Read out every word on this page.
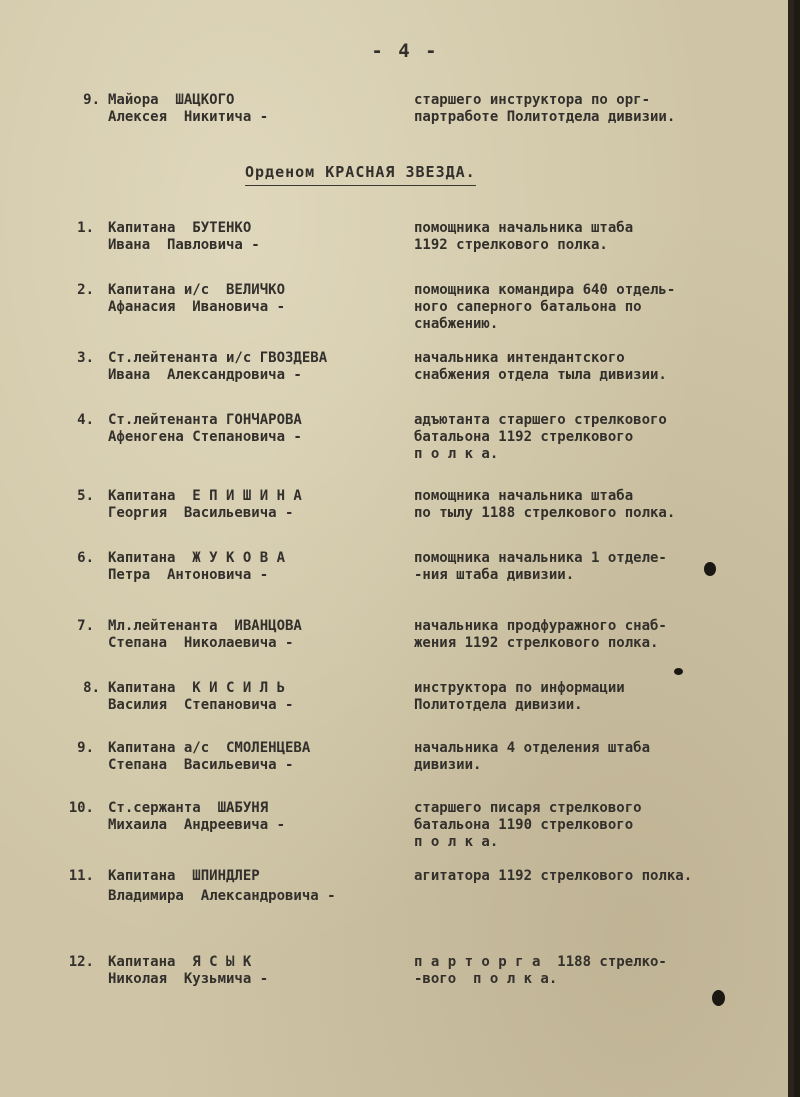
- 4 -
9. Майора  ШАЦКОГО
Алексея  Никитича -
старшего инструктора по орг-
партработе Политотдела дивизии.
Орденом КРАСНАЯ ЗВЕЗДА.
1. Капитана  БУТЕНКО
Ивана  Павловича -
помощника начальника штаба
1192 стрелкового полка.
2. Капитана и/с  ВЕЛИЧКО
Афанасия  Ивановича -
помощника командира 640 отдель-
ного саперного батальона по
снабжению.
3. Ст.лейтенанта и/с ГВОЗДЕВА
Ивана  Александровича -
начальника интендантского
снабжения отдела тыла дивизии.
4. Ст.лейтенанта ГОНЧАРОВА
Афеногена Степановича -
адъютанта старшего стрелкового
батальона 1192 стрелкового
п о л к а.
5. Капитана  Е П И Ш И Н А
Георгия  Васильевича -
помощника начальника штаба
по тылу 1188 стрелкового полка.
6. Капитана  Ж У К О В А
Петра  Антоновича -
помощника начальника 1 отделе-
-ния штаба дивизии.
7. Мл.лейтенанта  ИВАНЦОВА
Степана  Николаевича -
начальника продфуражного снаб-
жения 1192 стрелкового полка.
8. Капитана  К И С И Л Ь
Василия  Степановича -
инструктора по информации
Политотдела дивизии.
9. Капитана а/с  СМОЛЕНЦЕВА
Степана  Васильевича -
начальника 4 отделения штаба
дивизии.
10. Ст.сержанта  ШАБУНЯ
Михаила  Андреевича -
старшего писаря стрелкового
батальона 1190 стрелкового
п о л к а.
11. Капитана  ШПИНДЛЕР
Владимира  Александровича -
агитатора 1192 стрелкового полка.
12. Капитана  Я С Ы К
Николая  Кузьмича -
п а р т о р г а  1188 стрелко-
-вого  п о л к а.
